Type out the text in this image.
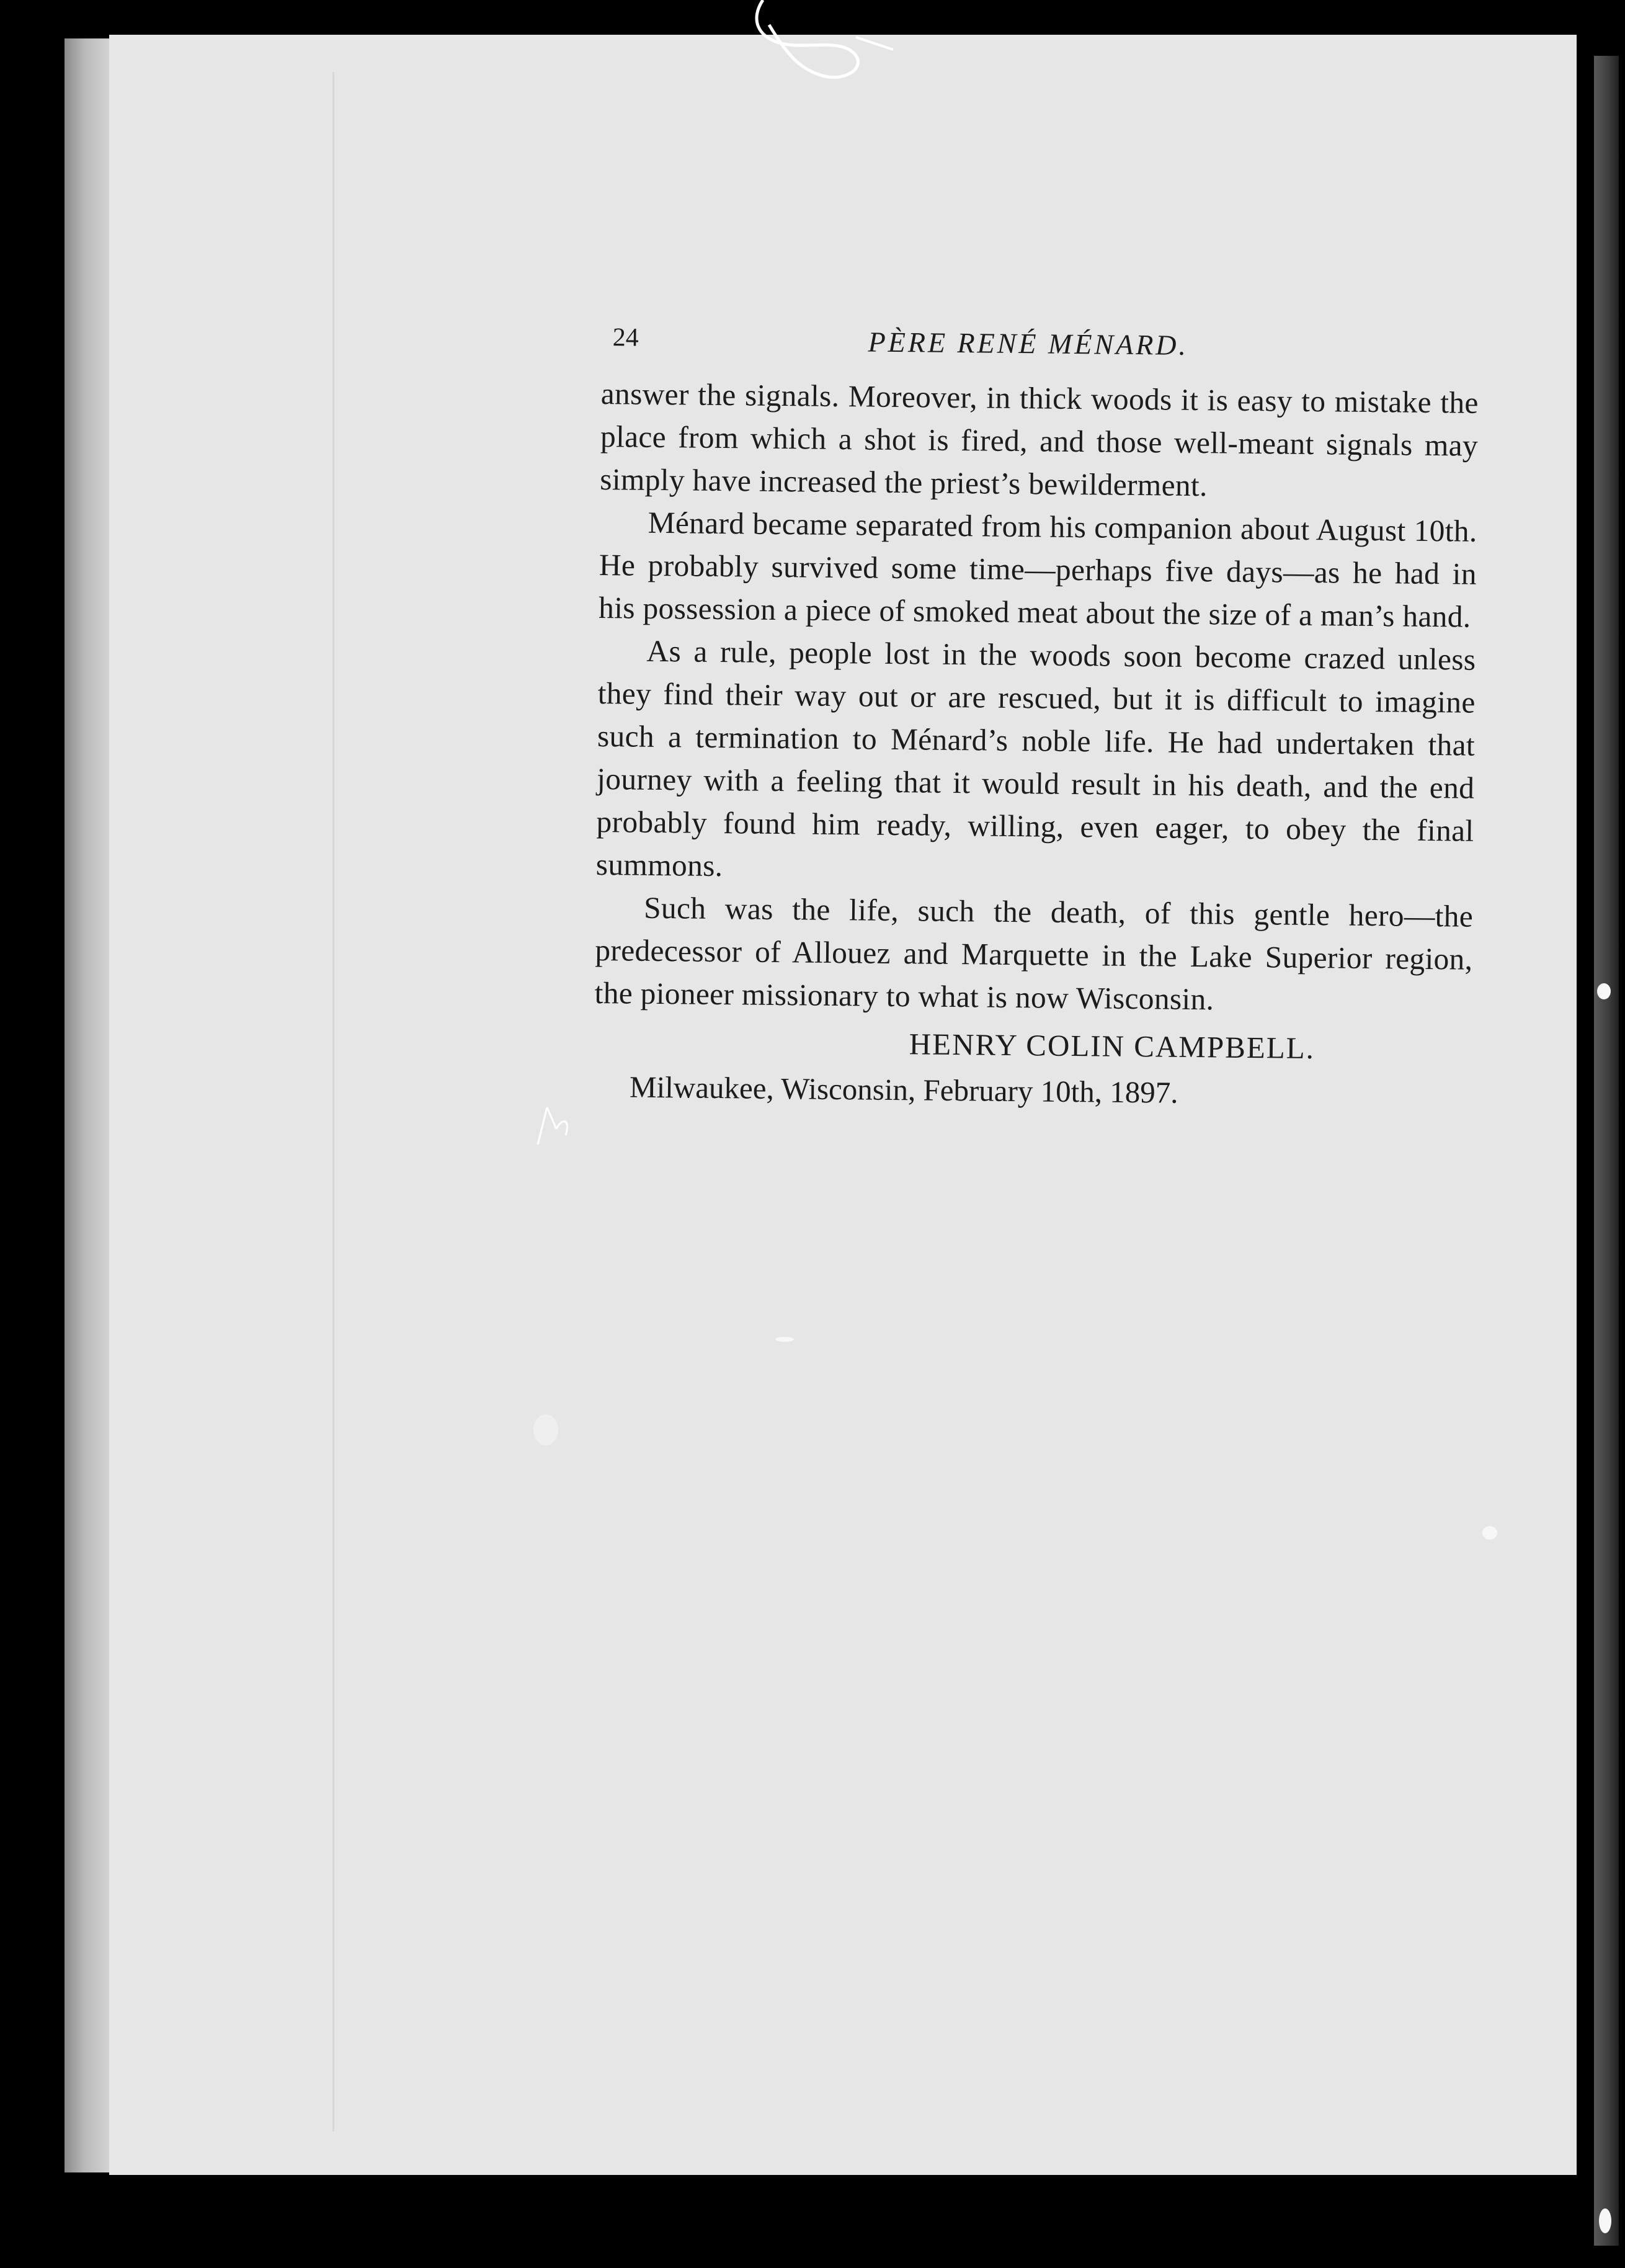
24	PÈRE RENÉ MÉNARD.

answer the signals. Moreover, in thick woods it is easy to mistake the place from which a shot is fired, and those well-meant signals may simply have increased the priest’s bewilderment.

Ménard became separated from his companion about August 10th. He probably survived some time—perhaps five days—as he had in his possession a piece of smoked meat about the size of a man’s hand.

As a rule, people lost in the woods soon become crazed unless they find their way out or are rescued, but it is difficult to imagine such a termination to Ménard’s noble life. He had undertaken that journey with a feeling that it would result in his death, and the end probably found him ready, willing, even eager, to obey the final summons.

Such was the life, such the death, of this gentle hero—the predecessor of Allouez and Marquette in the Lake Superior region, the pioneer missionary to what is now Wisconsin.

HENRY COLIN CAMPBELL.

Milwaukee, Wisconsin, February 10th, 1897.
